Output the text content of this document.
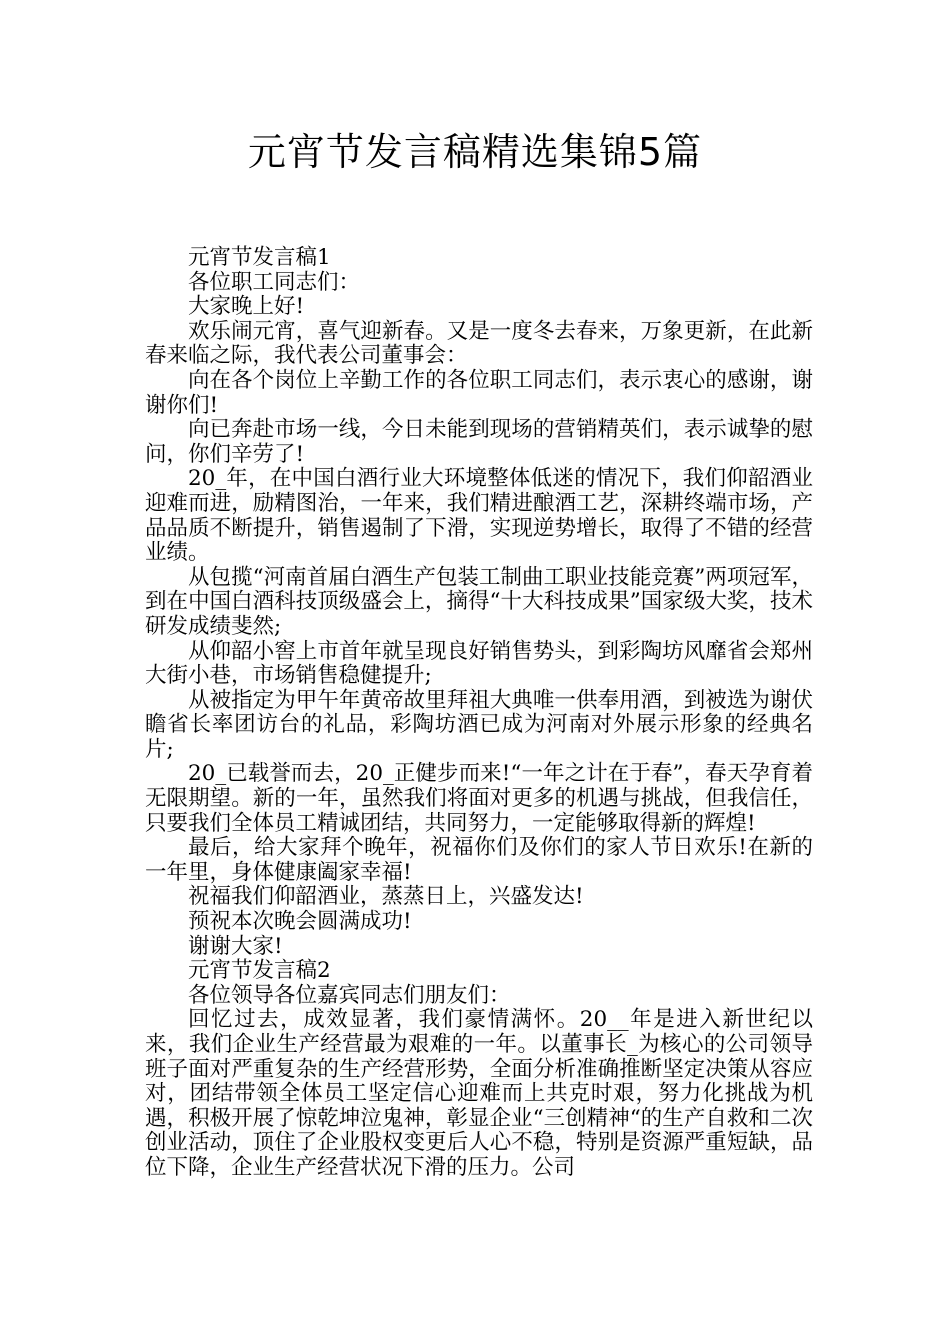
元宵节发言稿精选集锦5篇

元宵节发言稿1

各位职工同志们：

大家晚上好!

欢乐闹元宵，喜气迎新春。又是一度冬去春来，万象更新，在此新春来临之际，我代表公司董事会：

向在各个岗位上辛勤工作的各位职工同志们，表示衷心的感谢，谢谢你们!

向已奔赴市场一线，今日未能到现场的营销精英们，表示诚挚的慰问，你们辛劳了!

20_年，在中国白酒行业大环境整体低迷的情况下，我们仰韶酒业迎难而进，励精图治，一年来，我们精进酿酒工艺，深耕终端市场，产品品质不断提升，销售遏制了下滑，实现逆势增长，取得了不错的经营业绩。

从包揽“河南首届白酒生产包装工制曲工职业技能竞赛”两项冠军，到在中国白酒科技顶级盛会上，摘得“十大科技成果”国家级大奖，技术研发成绩斐然;

从仰韶小窖上市首年就呈现良好销售势头，到彩陶坊风靡省会郑州大街小巷，市场销售稳健提升;

从被指定为甲午年黄帝故里拜祖大典唯一供奉用酒，到被选为谢伏瞻省长率团访台的礼品，彩陶坊酒已成为河南对外展示形象的经典名片;

20_已载誉而去，20_正健步而来!“一年之计在于春”，春天孕育着无限期望。新的一年，虽然我们将面对更多的机遇与挑战，但我信任，只要我们全体员工精诚团结，共同努力，一定能够取得新的辉煌!

最后，给大家拜个晚年，祝福你们及你们的家人节日欢乐!在新的一年里，身体健康阖家幸福!

祝福我们仰韶酒业，蒸蒸日上，兴盛发达!

预祝本次晚会圆满成功!

谢谢大家!

元宵节发言稿2

各位领导各位嘉宾同志们朋友们：

回忆过去，成效显著，我们豪情满怀。20__年是进入新世纪以来，我们企业生产经营最为艰难的一年。以董事长_为核心的公司领导班子面对严重复杂的生产经营形势，全面分析准确推断坚定决策从容应对，团结带领全体员工坚定信心迎难而上共克时艰，努力化挑战为机遇，积极开展了惊乾坤泣鬼神，彰显企业“三创精神“的生产自救和二次创业活动，顶住了企业股权变更后人心不稳，特别是资源严重短缺，品位下降，企业生产经营状况下滑的压力。公司
